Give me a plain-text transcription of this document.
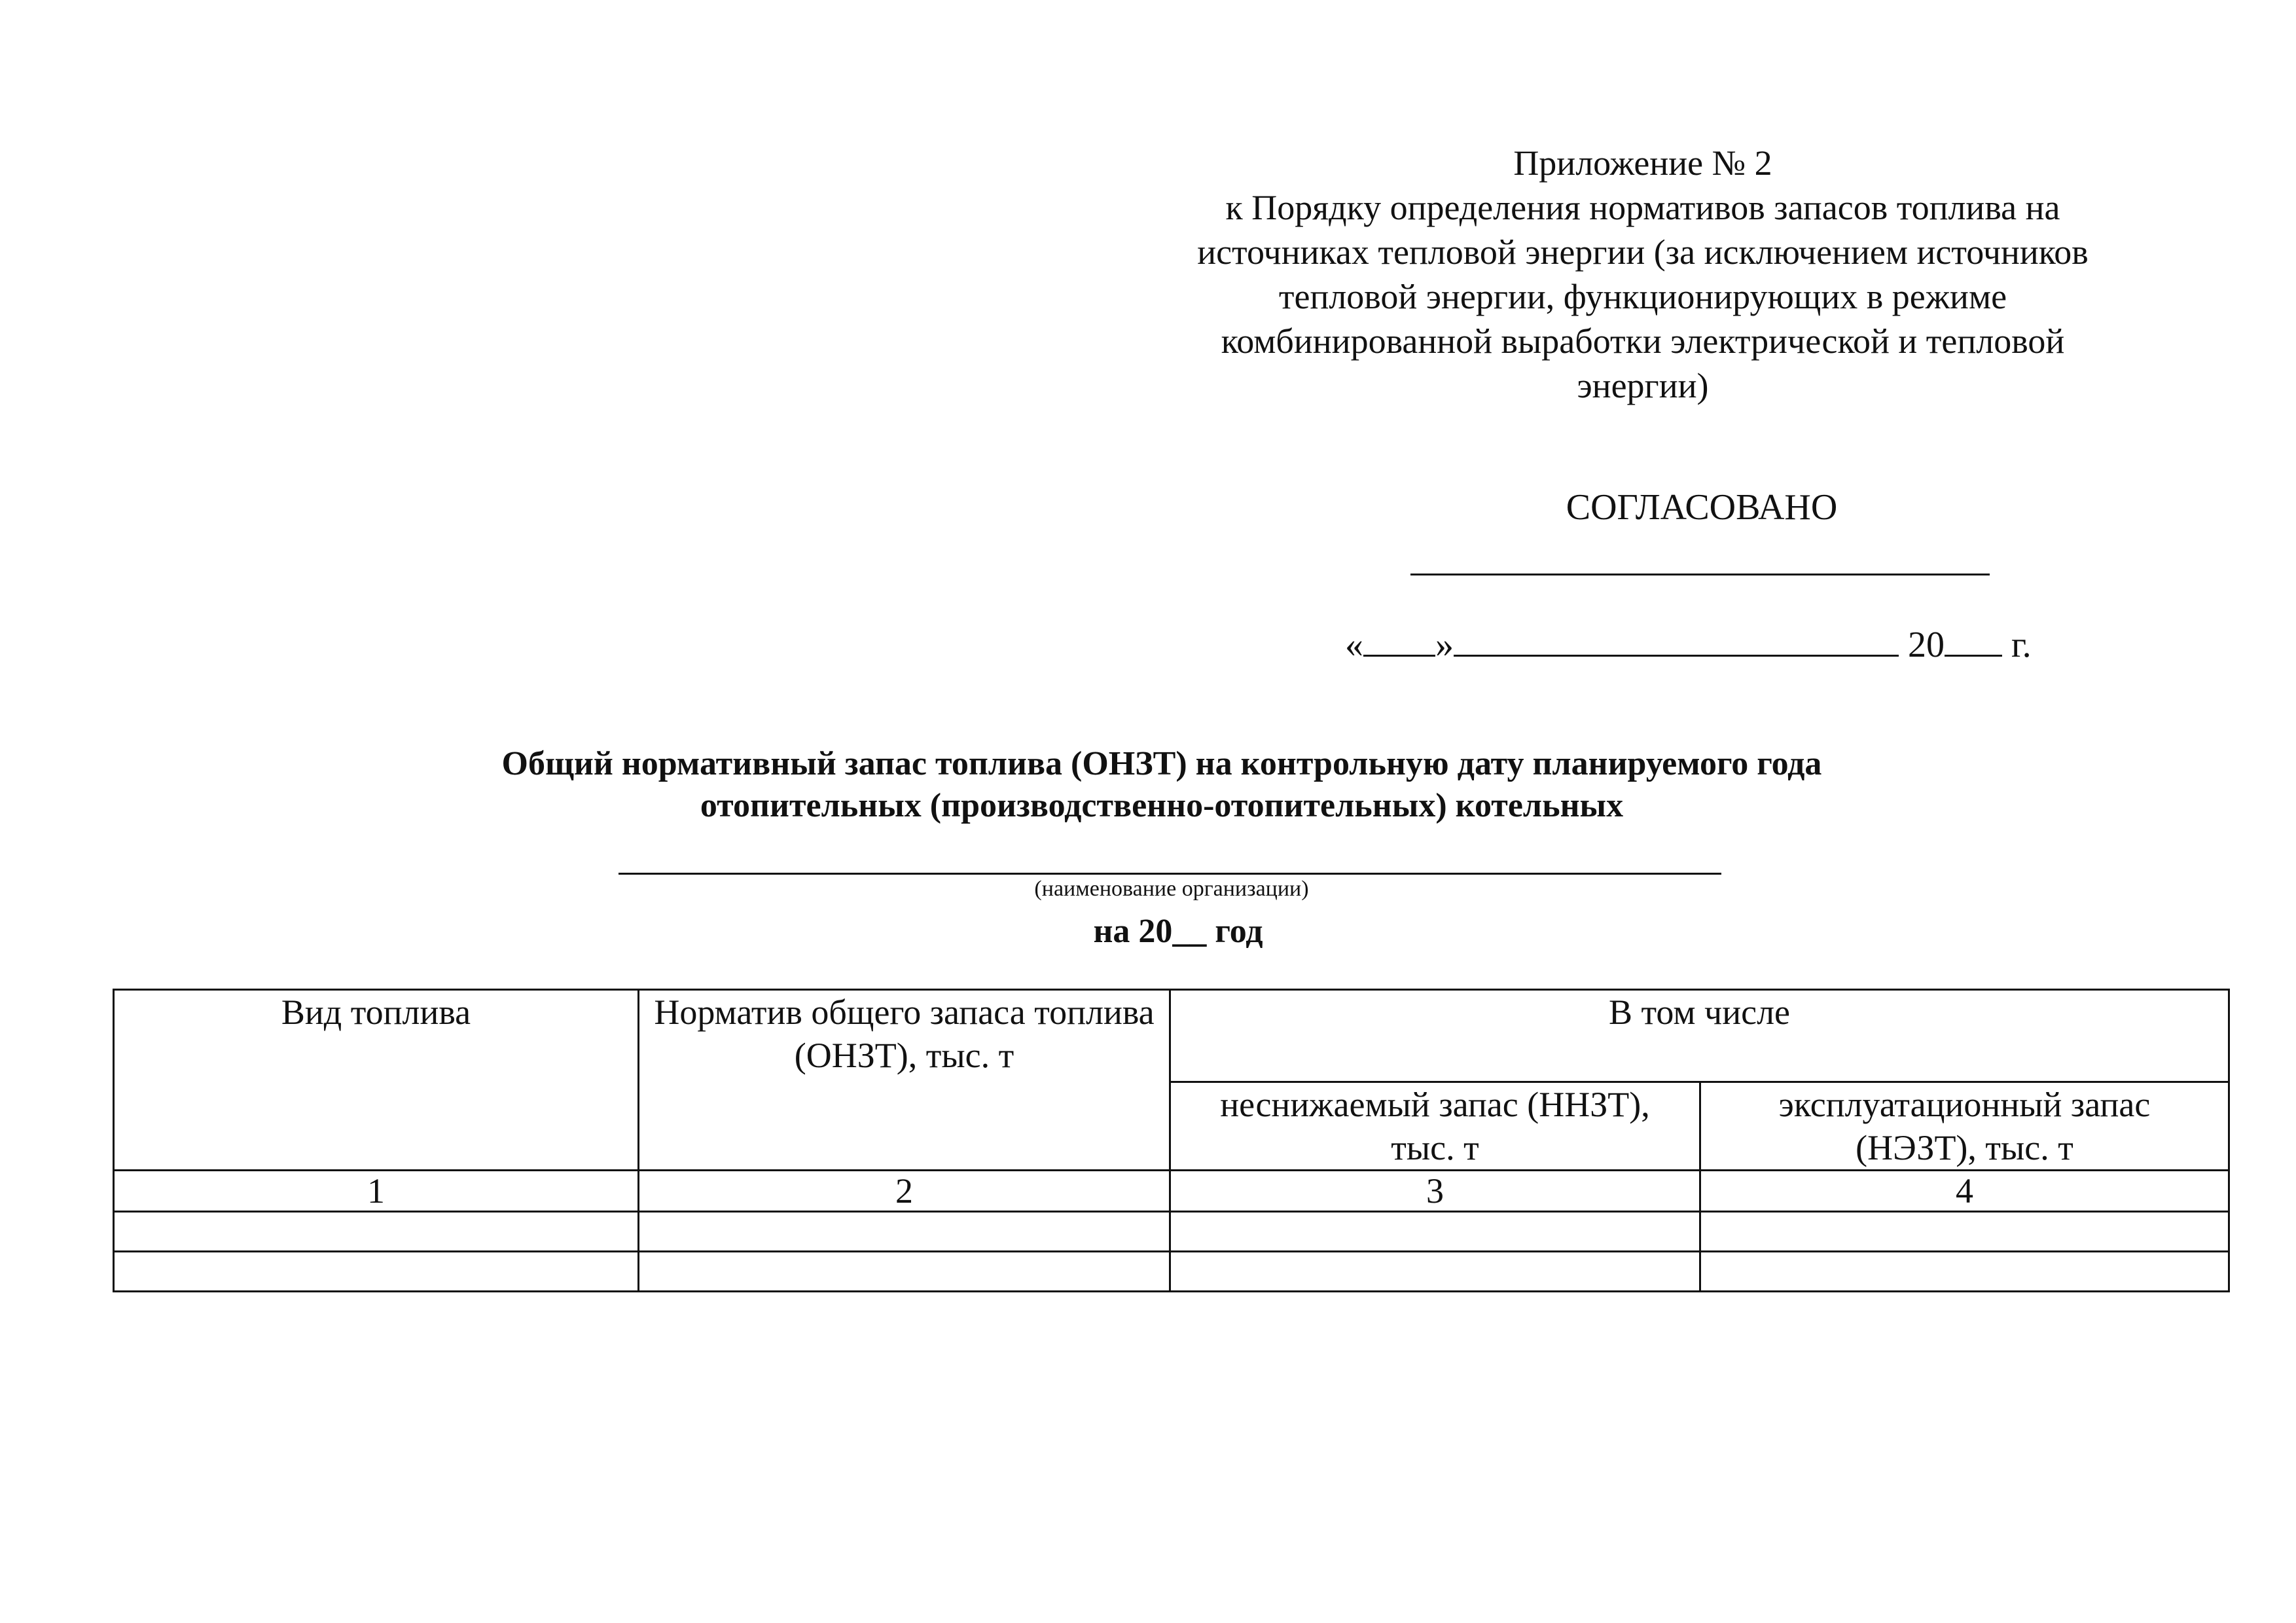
Приложение № 2
к Порядку определения нормативов запасов топлива на
источниках тепловой энергии (за исключением источников
тепловой энергии, функционирующих в режиме
комбинированной выработки электрической и тепловой
энергии)
СОГЛАСОВАНО
« »	20 г.
Общий нормативный запас топлива (ОНЗТ) на контрольную дату планируемого года
отопительных (производственно-отопительных) котельных
(наименование организации)
на 20__ год
Вид топлива	Норматив общего запаса топлива (ОНЗТ), тыс. т	В том числе	
		неснижаемый запас (ННЗТ), тыс. т	эксплуатационный запас (НЭЗТ), тыс. т
1	2	3	4
